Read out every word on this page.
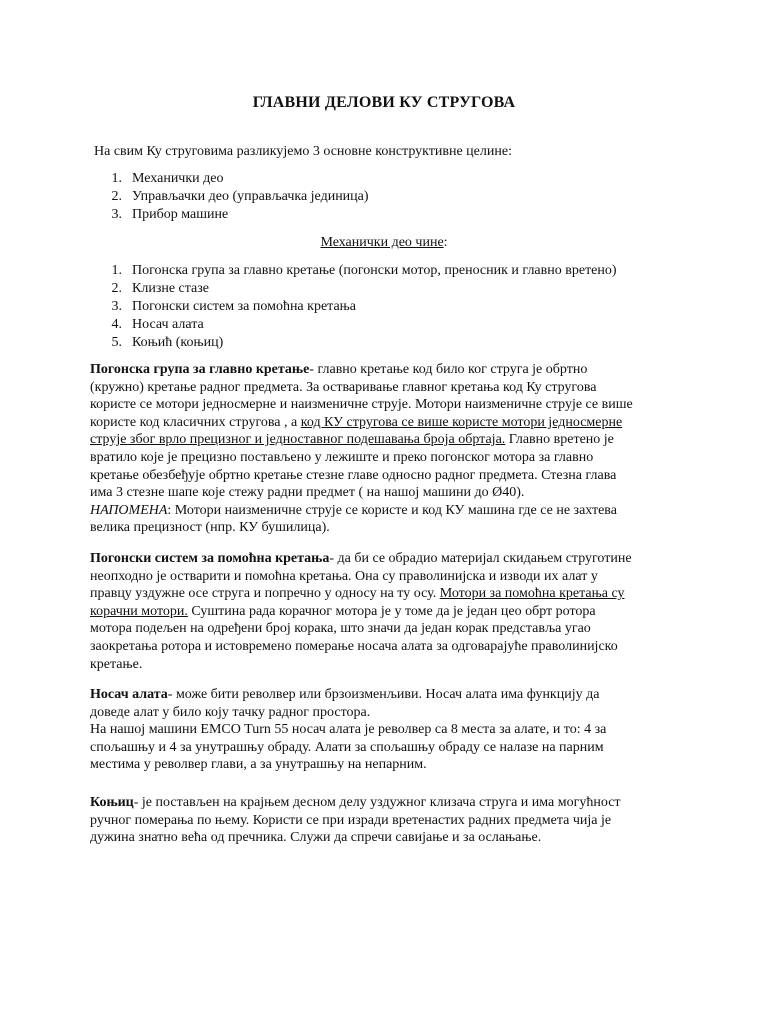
ГЛАВНИ ДЕЛОВИ КУ СТРУГОВА
На свим Ку струговима разликујемо 3 основне конструктивне целине:
1. Механички део
2. Управљачки део (управљачка јединица)
3. Прибор машине
Механички део чине:
1. Погонска група за главно кретање (погонски мотор, преносник и главно вретено)
2. Клизне стазе
3. Погонски систем за помоћна кретања
4. Носач алата
5. Коњић (коњиц)
Погонска група за главно кретање- главно кретање код било ког струга је обртно
(кружно) кретање радног предмета. За остваривање главног кретања код Ку стругова
користе се мотори једносмерне и наизменичне струје. Мотори наизменичне струје се више
користе код класичних стругова , а код КУ стругова се више користе мотори једносмерне
струје због врло прецизног и једноставног подешавања броја обртаја. Главно вретено је
вратило које је прецизно постављено у лежиште и преко погонског мотора за главно
кретање обезбеђује обртно кретање стезне главе односно радног предмета. Стезна глава
има 3 стезне шапе које стежу радни предмет ( на нашој машини до Ø40).
НАПОМЕНА: Мотори наизменичне струје се користе и код КУ машина где се не захтева
велика прецизност (нпр. КУ бушилица).
Погонски систем за помоћна кретања- да би се обрадио материјал скидањем струготине
неопходно је остварити и помоћна кретања. Она су праволинијска и изводи их алат у
правцу уздужне осе струга и попречно у односу на ту осу. Мотори за помоћна кретања су
корачни мотори. Суштина рада корачног мотора је у томе да је један цео обрт ротора
мотора подељен на одређени број корака, што значи да један корак представља угао
заокретања ротора и истовремено померање носача алата за одговарајуће праволинијско
кретање.
Носач алата- може бити револвер или брзоизменљиви. Носач алата има функцију да
доведе алат у било коју тачку радног простора.
На нашој машини EMCO Turn 55 носач алата је револвер са 8 места за алате, и то: 4 за
спољашњу и 4 за унутрашњу обраду. Алати за спољашњу обраду се налазе на парним
местима у револвер глави, а за унутрашњу на непарним.
Коњиц- је постављен на крајњем десном делу уздужног клизача струга и има могућност
ручног померања по њему. Користи се при изради вретенастих радних предмета чија је
дужина знатно већа од пречника. Служи да спречи савијање и за ослањање.
